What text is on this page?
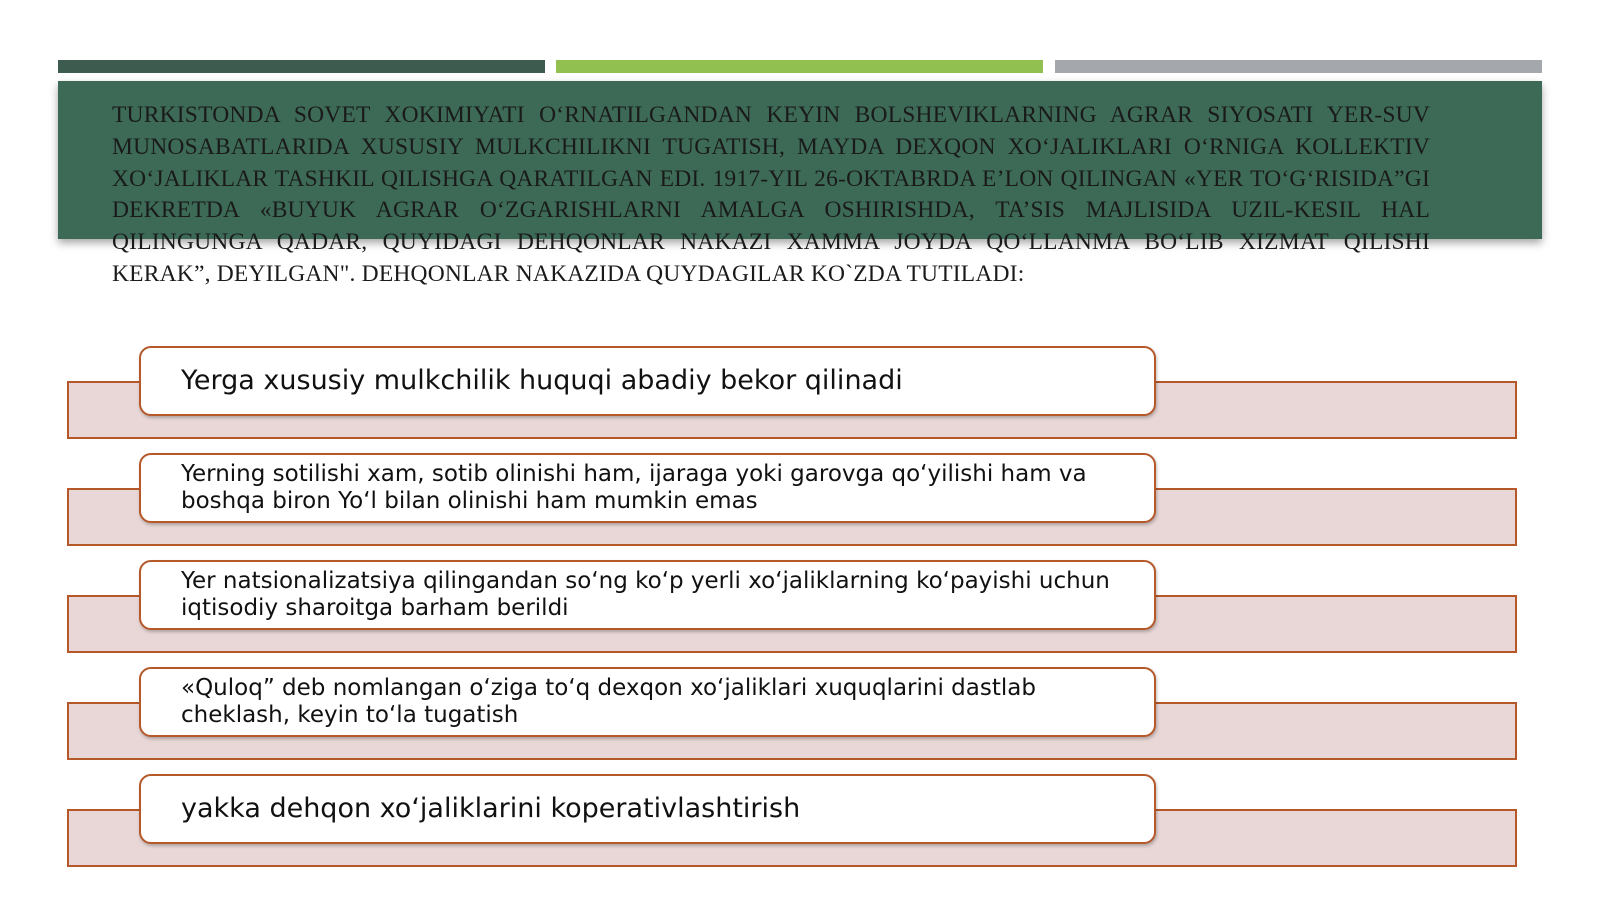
TURKISTONDA SOVET XOKIMIYATI O‘RNATILGANDAN KEYIN BOLSHEVIKLARNING AGRAR SIYOSATI YER-SUV MUNOSABATLARIDA XUSUSIY MULKCHILIKNI TUGATISH, MAYDA DEXQON XO‘JALIKLARI O‘RNIGA KOLLEKTIV XO‘JALIKLAR TASHKIL QILISHGA QARATILGAN EDI. 1917-YIL 26-OKTABRDA E’LON QILINGAN «YER TO‘G‘RISIDA”GI DEKRETDA «BUYUK AGRAR O‘ZGARISHLARNI AMALGA OSHIRISHDA, TA’SIS MAJLISIDA UZIL-KESIL HAL QILINGUNGA QADAR, QUYIDAGI DEHQONLAR NAKAZI XAMMA JOYDA QO‘LLANMA BO‘LIB XIZMAT QILISHI KERAK”, DEYILGAN". DEHQONLAR NAKAZIDA QUYDAGILAR KO`ZDA TUTILADI:

Yerga xususiy mulkchilik huquqi abadiy bekor qilinadi
Yerning sotilishi xam, sotib olinishi ham, ijaraga yoki garovga qo‘yilishi ham va boshqa biron Yo‘l bilan olinishi ham mumkin emas
Yer natsionalizatsiya qilingandan so‘ng ko‘p yerli xo‘jaliklarning ko‘payishi uchun iqtisodiy sharoitga barham berildi
«Quloq” deb nomlangan o‘ziga to‘q dexqon xo‘jaliklari xuquqlarini dastlab cheklash, keyin to‘la tugatish
yakka dehqon xo‘jaliklarini koperativlashtirish
